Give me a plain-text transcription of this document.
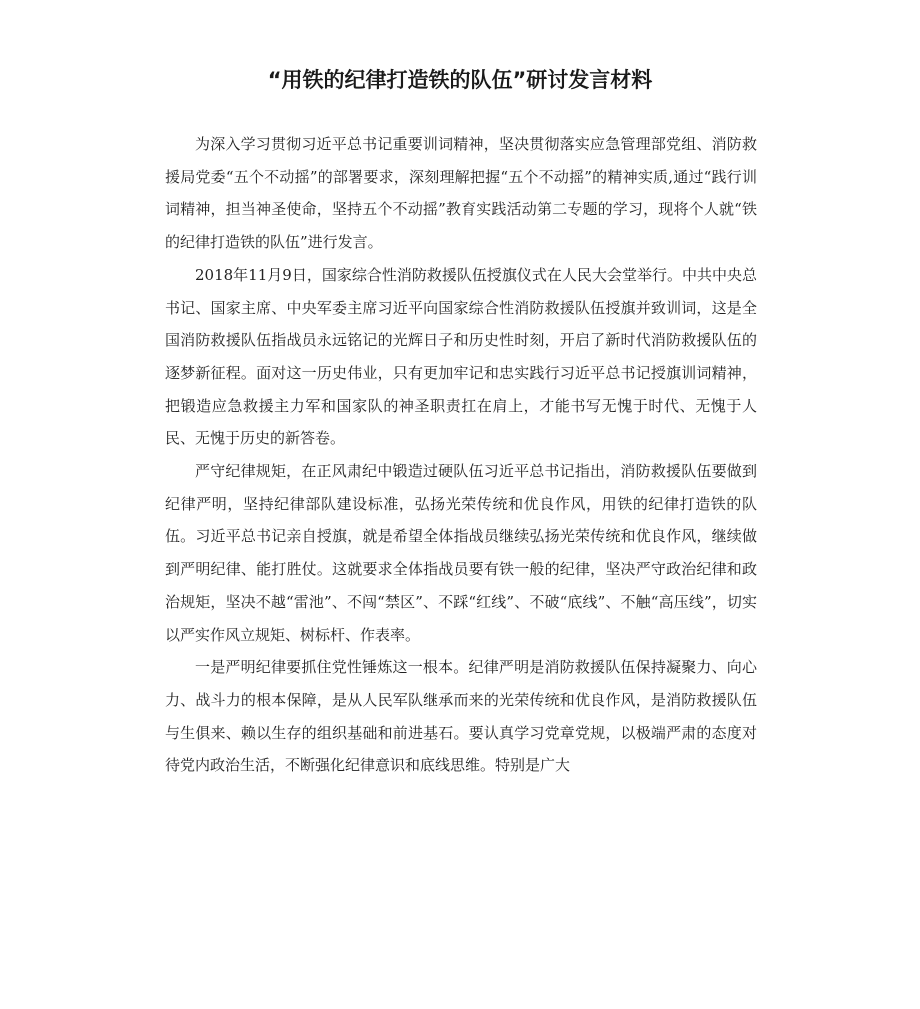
“用铁的纪律打造铁的队伍”研讨发言材料

为深入学习贯彻习近平总书记重要训词精神，坚决贯彻落实应急管理部党组、消防救援局党委“五个不动摇”的部署要求，深刻理解把握“五个不动摇”的精神实质,通过“践行训词精神，担当神圣使命，坚持五个不动摇”教育实践活动第二专题的学习，现将个人就“铁的纪律打造铁的队伍”进行发言。

2018年11月9日，国家综合性消防救援队伍授旗仪式在人民大会堂举行。中共中央总书记、国家主席、中央军委主席习近平向国家综合性消防救援队伍授旗并致训词，这是全国消防救援队伍指战员永远铭记的光辉日子和历史性时刻，开启了新时代消防救援队伍的逐梦新征程。面对这一历史伟业，只有更加牢记和忠实践行习近平总书记授旗训词精神，把锻造应急救援主力军和国家队的神圣职责扛在肩上，才能书写无愧于时代、无愧于人民、无愧于历史的新答卷。

严守纪律规矩，在正风肃纪中锻造过硬队伍习近平总书记指出，消防救援队伍要做到纪律严明，坚持纪律部队建设标准，弘扬光荣传统和优良作风，用铁的纪律打造铁的队伍。习近平总书记亲自授旗，就是希望全体指战员继续弘扬光荣传统和优良作风，继续做到严明纪律、能打胜仗。这就要求全体指战员要有铁一般的纪律，坚决严守政治纪律和政治规矩，坚决不越“雷池”、不闯“禁区”、不踩“红线”、不破“底线”、不触“高压线”，切实以严实作风立规矩、树标杆、作表率。

一是严明纪律要抓住党性锤炼这一根本。纪律严明是消防救援队伍保持凝聚力、向心力、战斗力的根本保障，是从人民军队继承而来的光荣传统和优良作风，是消防救援队伍与生俱来、赖以生存的组织基础和前进基石。要认真学习党章党规，以极端严肃的态度对待党内政治生活，不断强化纪律意识和底线思维。特别是广大
